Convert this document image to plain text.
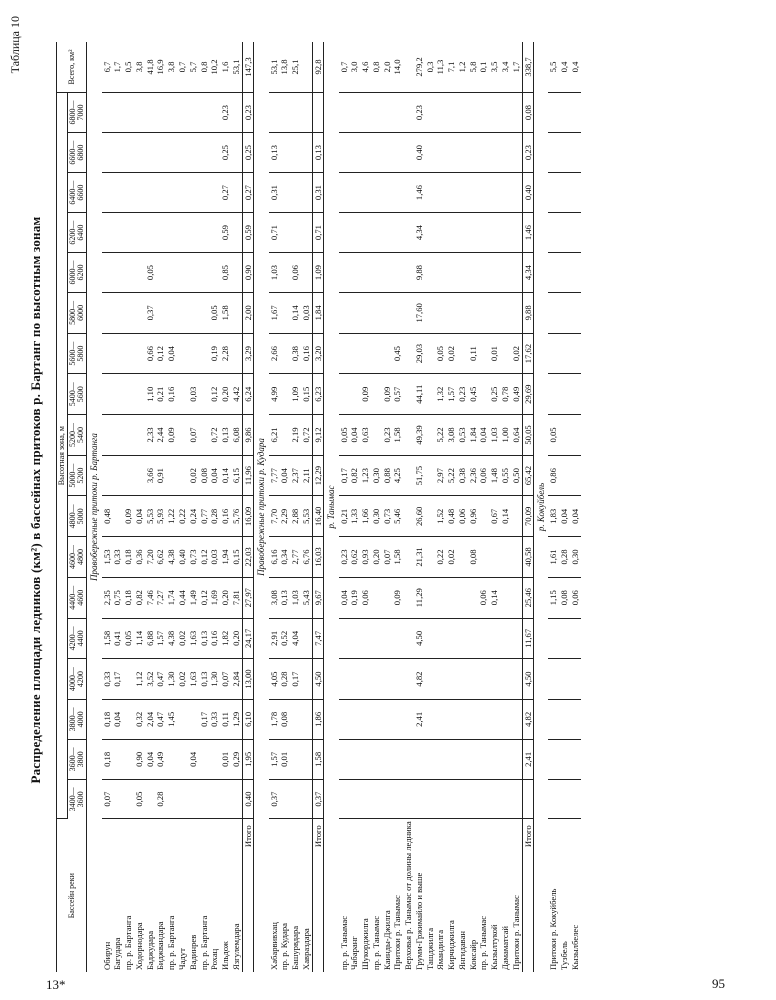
13*	95
Таблица 10
Распределение площади ледников (км²) в бассейнах притоков р. Бартанг по высотным зонам
Бассейн реки	Высотная зона, м																		Всего, км²
	3400—3600	3600—3800	3800—4000	4000—4200	4200—4400	4400—4600	4600—4800	4800—5000	5000—5200	5200—5400	5400—5600	5600—5800	5800—6000	6000—6200	6200—6400	6400—6600	6600—6800	6800—7000	
Правобережные притоки р. Бартанга																			
Обирун	0,07	0,18	0,18	0,33	1,58	2,35	1,53	0,48											6,7
Багудара			0,04	0,17	0,41	0,75	0,33												1,7
пр. р. Бартанга					0,05	0,18	0,18	0,09											0,5
Ходорнодара	0,05	0,90	0,32	1,12	1,14	0,82	0,36	0,04											3,8
Баджудара		0,04	2,04	3,52	6,88	7,46	7,20	5,53	3,66	2,33	1,10	0,66	0,37	0,05					41,8
Биджвандара	0,28	0,49	0,47	0,47	1,57	7,27	6,62	5,93	0,91	2,44	0,21	0,12							16,9
пр. р. Бартанга			1,45	1,30	4,38	1,74	4,38	1,22		0,09	0,16	0,04							3,8
Чадут				0,02	0,02	0,44	0,40	0,22											0,7
Вадинрев		0,04		1,63	1,63	1,49	0,73	0,24	0,02	0,07	0,03								5,7
пр. р. Бартанга			0,17	0,13	0,13	0,12	0,12	0,77	0,08										0,8
Рохац			0,33	1,30	0,16	1,69	0,03	0,28	0,04	0,72	0,12	0,19	0,05						10,2
Ильдож		0,01	0,11	0,07	1,82	0,20	1,94	0,16	0,14	0,13	0,20	2,28	1,58	0,85	0,59	0,27	0,25	0,23	1,6
Язгулемдара		0,29	1,29	2,84	0,20	7,81	0,15	5,76	6,15	6,08	4,42								53,1
Итого	0,40	1,95	6,10	13,00	24,17	27,97	22,03	16,09	11,96	9,86	6,24	3,29	2,00	0,90	0,59	0,27	0,25	0,23	147,3
Правобережные притоки р. Кудара																			
Хабарвивхац	0,37	1,57	1,78	4,05	2,91	3,08	6,16	7,70	7,77	6,21	4,99	2,66	1,67	1,03	0,71	0,31	0,13		53,1
пр. р. Кудара		0,01	0,08	0,28	0,52	0,13	0,34	2,29	0,04										13,8
Башурвдара				0,17	4,04	1,03	2,77	2,88	2,37	2,19	1,09	0,38	0,14	0,06					25,1
Хавраздара						5,43	6,76	5,53	2,11	0,72	0,15	0,16	0,03						
Итого	0,37	1,58	1,86	4,50	7,47	9,67	16,03	16,40	12,29	9,12	6,23	3,20	1,84	1,09	0,71	0,31	0,13		92,8
р. Танымас																			
пр. р. Танымас						0,04	0,23	0,21	0,17	0,05									0,7
Чабаранг						0,19	0,62	1,33	0,82	0,04									3,0
Шукорджилга						0,06	0,93	1,66	1,23	0,63	0,09								4,6
пр. р. Танымас							0,20	0,30	0,30										0,8
Каинды-Джилга							0,07	0,73	0,88	0,23	0,09								2,0
Притоки р. Танымас						0,09	1,58	5,46	4,25	1,58	0,57	0,45							14,0
Верховья р. Танымас от долины ледника																			
Грумм-Гржимайло и выше			2,41	4,82	4,50	11,29	21,31	26,60	51,75	49,39	44,11	29,03	17,60	9,88	4,34	1,46	0,40	0,23	279,2
Ташджилга																			0,3
Ямандилга							0,22	1,52	2,97	5,22	1,32	0,05							11,3
Кирчиджилга							0,02	0,48	5,22	3,08	1,57	0,02							7,1
Янгидаван								0,06	0,38	0,53	0,23								1,2
Коксайр							0,08	0,96	2,36	1,84	0,45	0,11							5,8
пр. р. Танымас						0,06			0,06	0,04									0,1
Кызылтукой						0,14		0,67	1,48	1,03	0,25	0,01							3,5
Дамаматсай								0,14	0,55	1,00	0,78								3,4
Притоки р. Танымас									0,50	0,64	0,49	0,02							1,7
Итого		2,41	4,82	4,50	11,67	25,46	40,58	70,09	65,42	50,05	29,69	17,62	9,88	4,34	1,46	0,40	0,23	0,08	338,7
р. Кокуйбель																			
Притоки р. Кокуйбель						1,15	1,61	1,83	0,86	0,05									5,5
Тузбель						0,08	0,28	0,04											0,4
Кызылбелес						0,06	0,30	0,04											0,4
